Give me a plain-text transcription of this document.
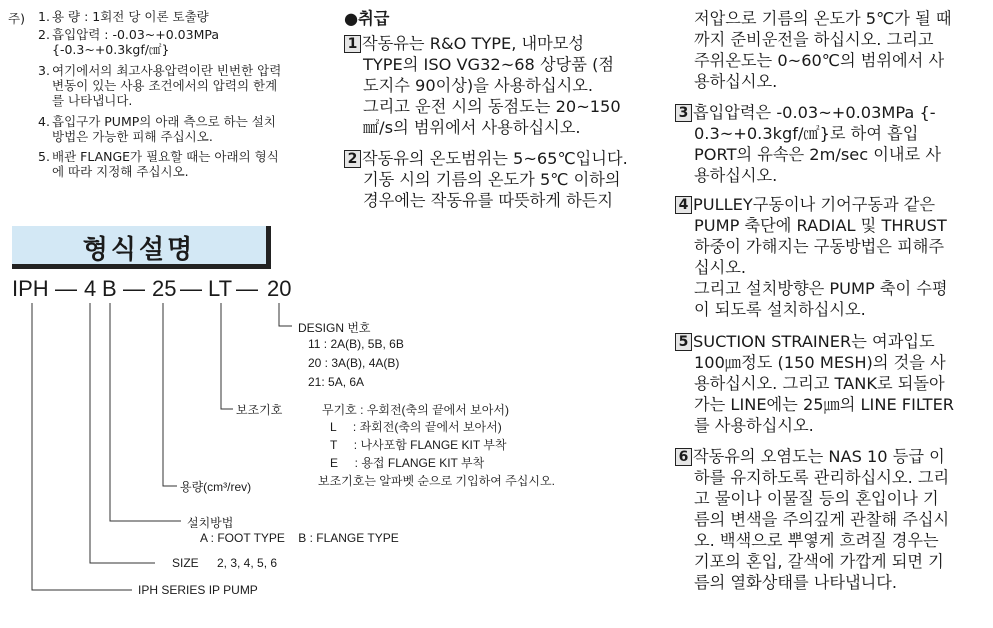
주) 1. 용 량 : 1회전 당 이론 토출량
2. 흡입압력 : -0.03~+0.03MPa
{-0.3~+0.3kgf/㎠}
3. 여기에서의 최고사용압력이란 빈번한 압력
변동이 있는 사용 조건에서의 압력의 한계
를 나타냅니다.
4. 흡입구가 PUMP의 아래 측으로 하는 설치
방법은 가능한 피해 주십시오.
5. 배관 FLANGE가 필요할 때는 아래의 형식
에 따라 지정해 주십시오.
형식설명
IPH — 4 B — 25 — LT — 20
DESIGN 번호
11 : 2A(B), 5B, 6B
20 : 3A(B), 4A(B)
21: 5A, 6A
보조기호	무기호 : 우회전(축의 끝에서 보아서)
L     : 좌회전(축의 끝에서 보아서)
T     : 나사포함 FLANGE KIT 부착
E     : 용접 FLANGE KIT 부착
용량(cm³/rev)	보조기호는 알파벳 순으로 기입하여 주십시오.
설치방법
A : FOOT TYPE    B : FLANGE TYPE
SIZE 2, 3, 4, 5, 6
IPH SERIES IP PUMP
●취급
1 작동유는 R&O TYPE, 내마모성
TYPE의 ISO VG32~68 상당품 (점
도지수 90이상)을 사용하십시오.
그리고 운전 시의 동점도는 20~150
㎟/s의 범위에서 사용하십시오.
2 작동유의 온도범위는 5~65℃입니다.
기동 시의 기름의 온도가 5℃ 이하의
경우에는 작동유를 따뜻하게 하든지
저압으로 기름의 온도가 5℃가 될 때
까지 준비운전을 하십시오. 그리고
주위온도는 0~60℃의 범위에서 사
용하십시오.
3 흡입압력은 -0.03~+0.03MPa {-
0.3~+0.3kgf/㎠}로 하여 흡입
PORT의 유속은 2m/sec 이내로 사
용하십시오.
4 PULLEY구동이나 기어구동과 같은
PUMP 축단에 RADIAL 및 THRUST
하중이 가해지는 구동방법은 피해주
십시오.
그리고 설치방향은 PUMP 축이 수평
이 되도록 설치하십시오.
5 SUCTION STRAINER는 여과입도
100㎛정도 (150 MESH)의 것을 사
용하십시오. 그리고 TANK로 되돌아
가는 LINE에는 25㎛의 LINE FILTER
를 사용하십시오.
6 작동유의 오염도는 NAS 10 등급 이
하를 유지하도록 관리하십시오. 그리
고 물이나 이물질 등의 혼입이나 기
름의 변색을 주의깊게 관찰해 주십시
오. 백색으로 뿌옇게 흐려질 경우는
기포의 혼입, 갈색에 가깝게 되면 기
름의 열화상태를 나타냅니다.
